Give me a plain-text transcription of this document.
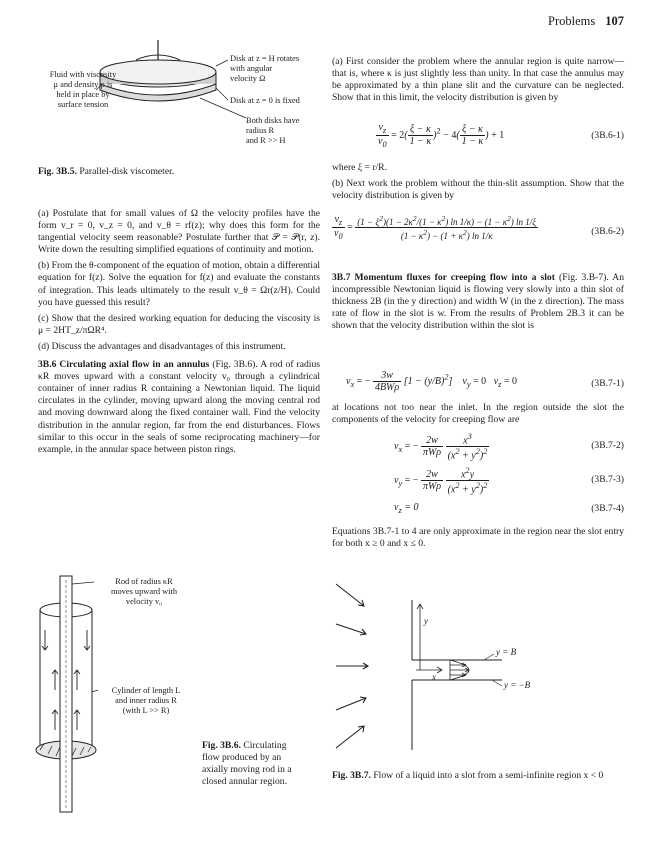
Problems 107
Fluid with viscosity
μ and density ρ is
held in place by
surface tension
Disk at z = H rotates
with angular
velocity Ω
Disk at z = 0 is fixed
Both disks have
radius R
and R >> H
Fig. 3B.5. Parallel-disk viscometer.

(a) Postulate that for small values of Ω the velocity profiles have the form v_r = 0, v_z = 0, and v_θ = rf(z); why does this form for the tangential velocity seem reasonable? Postulate further that 𝒫 = 𝒫(r, z). Write down the resulting simplified equations of continuity and motion.

(b) From the θ-component of the equation of motion, obtain a differential equation for f(z). Solve the equation for f(z) and evaluate the constants of integration. This leads ultimately to the result v_θ = Ωr(z/H). Could you have guessed this result?

(c) Show that the desired working equation for deducing the viscosity is μ = 2HT_z/πΩR⁴.

(d) Discuss the advantages and disadvantages of this instrument.

3B.6 Circulating axial flow in an annulus (Fig. 3B.6). A rod of radius κR moves upward with a constant velocity v₀ through a cylindrical container of inner radius R containing a Newtonian liquid. The liquid circulates in the cylinder, moving upward along the moving central rod and moving downward along the fixed container wall. Find the velocity distribution in the annular region, far from the end disturbances. Flows similar to this occur in the seals of some reciprocating machinery—for example, in the annular space between piston rings.

Rod of radius κR
moves upward with
velocity v₀
Cylinder of length L
and inner radius R
(with L >> R)
Fig. 3B.6. Circulating
flow produced by an
axially moving rod in a
closed annular region.

(a) First consider the problem where the annular region is quite narrow—that is, where κ is just slightly less than unity. In that case the annulus may be approximated by a thin plane slit and the curvature can be neglected. Show that in this limit, the velocity distribution is given by

$\frac{v_z}{v_0} = 2( \frac{\xi - \kappa}{1 - \kappa} )^2 - 4( \frac{\xi - \kappa}{1 - \kappa}$ ) + 1	(3B.6-1)

where ξ = r/R.

(b) Next work the problem without the thin-slit assumption. Show that the velocity distribution is given by

$\frac{v_z}{v_0} = \frac{(1 - \xi^2)(1 - 2\kappa^2/(1 - \kappa^2) \ln 1/\kappa) - (1 - \kappa^2) \ln 1/\xi}{(1 - \kappa^2) - (1 + \kappa^2) \ln 1/\kappa}$	(3B.6-2)

3B.7 Momentum fluxes for creeping flow into a slot (Fig. 3.B-7). An incompressible Newtonian liquid is flowing very slowly into a thin slot of thickness 2B (in the y direction) and width W (in the z direction). The mass rate of flow in the slot is w. From the results of Problem 2B.3 it can be shown that the velocity distribution within the slot is

$v_x$ = − $\frac{3w}{\text{4BWρ}} [1 - (y/B)^2] v_y = 0$   $v_z = 0$	(3B.7-1)

at locations not too near the inlet. In the region outside the slot the components of the velocity for creeping flow are

$v_x$ = − $\frac{2w}{\text{πWρ}}$
$\frac{x^3}{(x^2 + y^2)^2}$	(3B.7-2)
$v_y$ = − $\frac{2w}{\text{πWρ}}$
$\frac{x^2y}{(x^2 + y^2)^2}$	(3B.7-3)
$v_z = 0$	(3B.7-4)

Equations 3B.7-1 to 4 are only approximate in the region near the slot entry for both x ≥ 0 and x ≤ 0.

y
x
y = B
y = −B
Fig. 3B.7. Flow of a liquid into a slot from a semi-infinite region x < 0
